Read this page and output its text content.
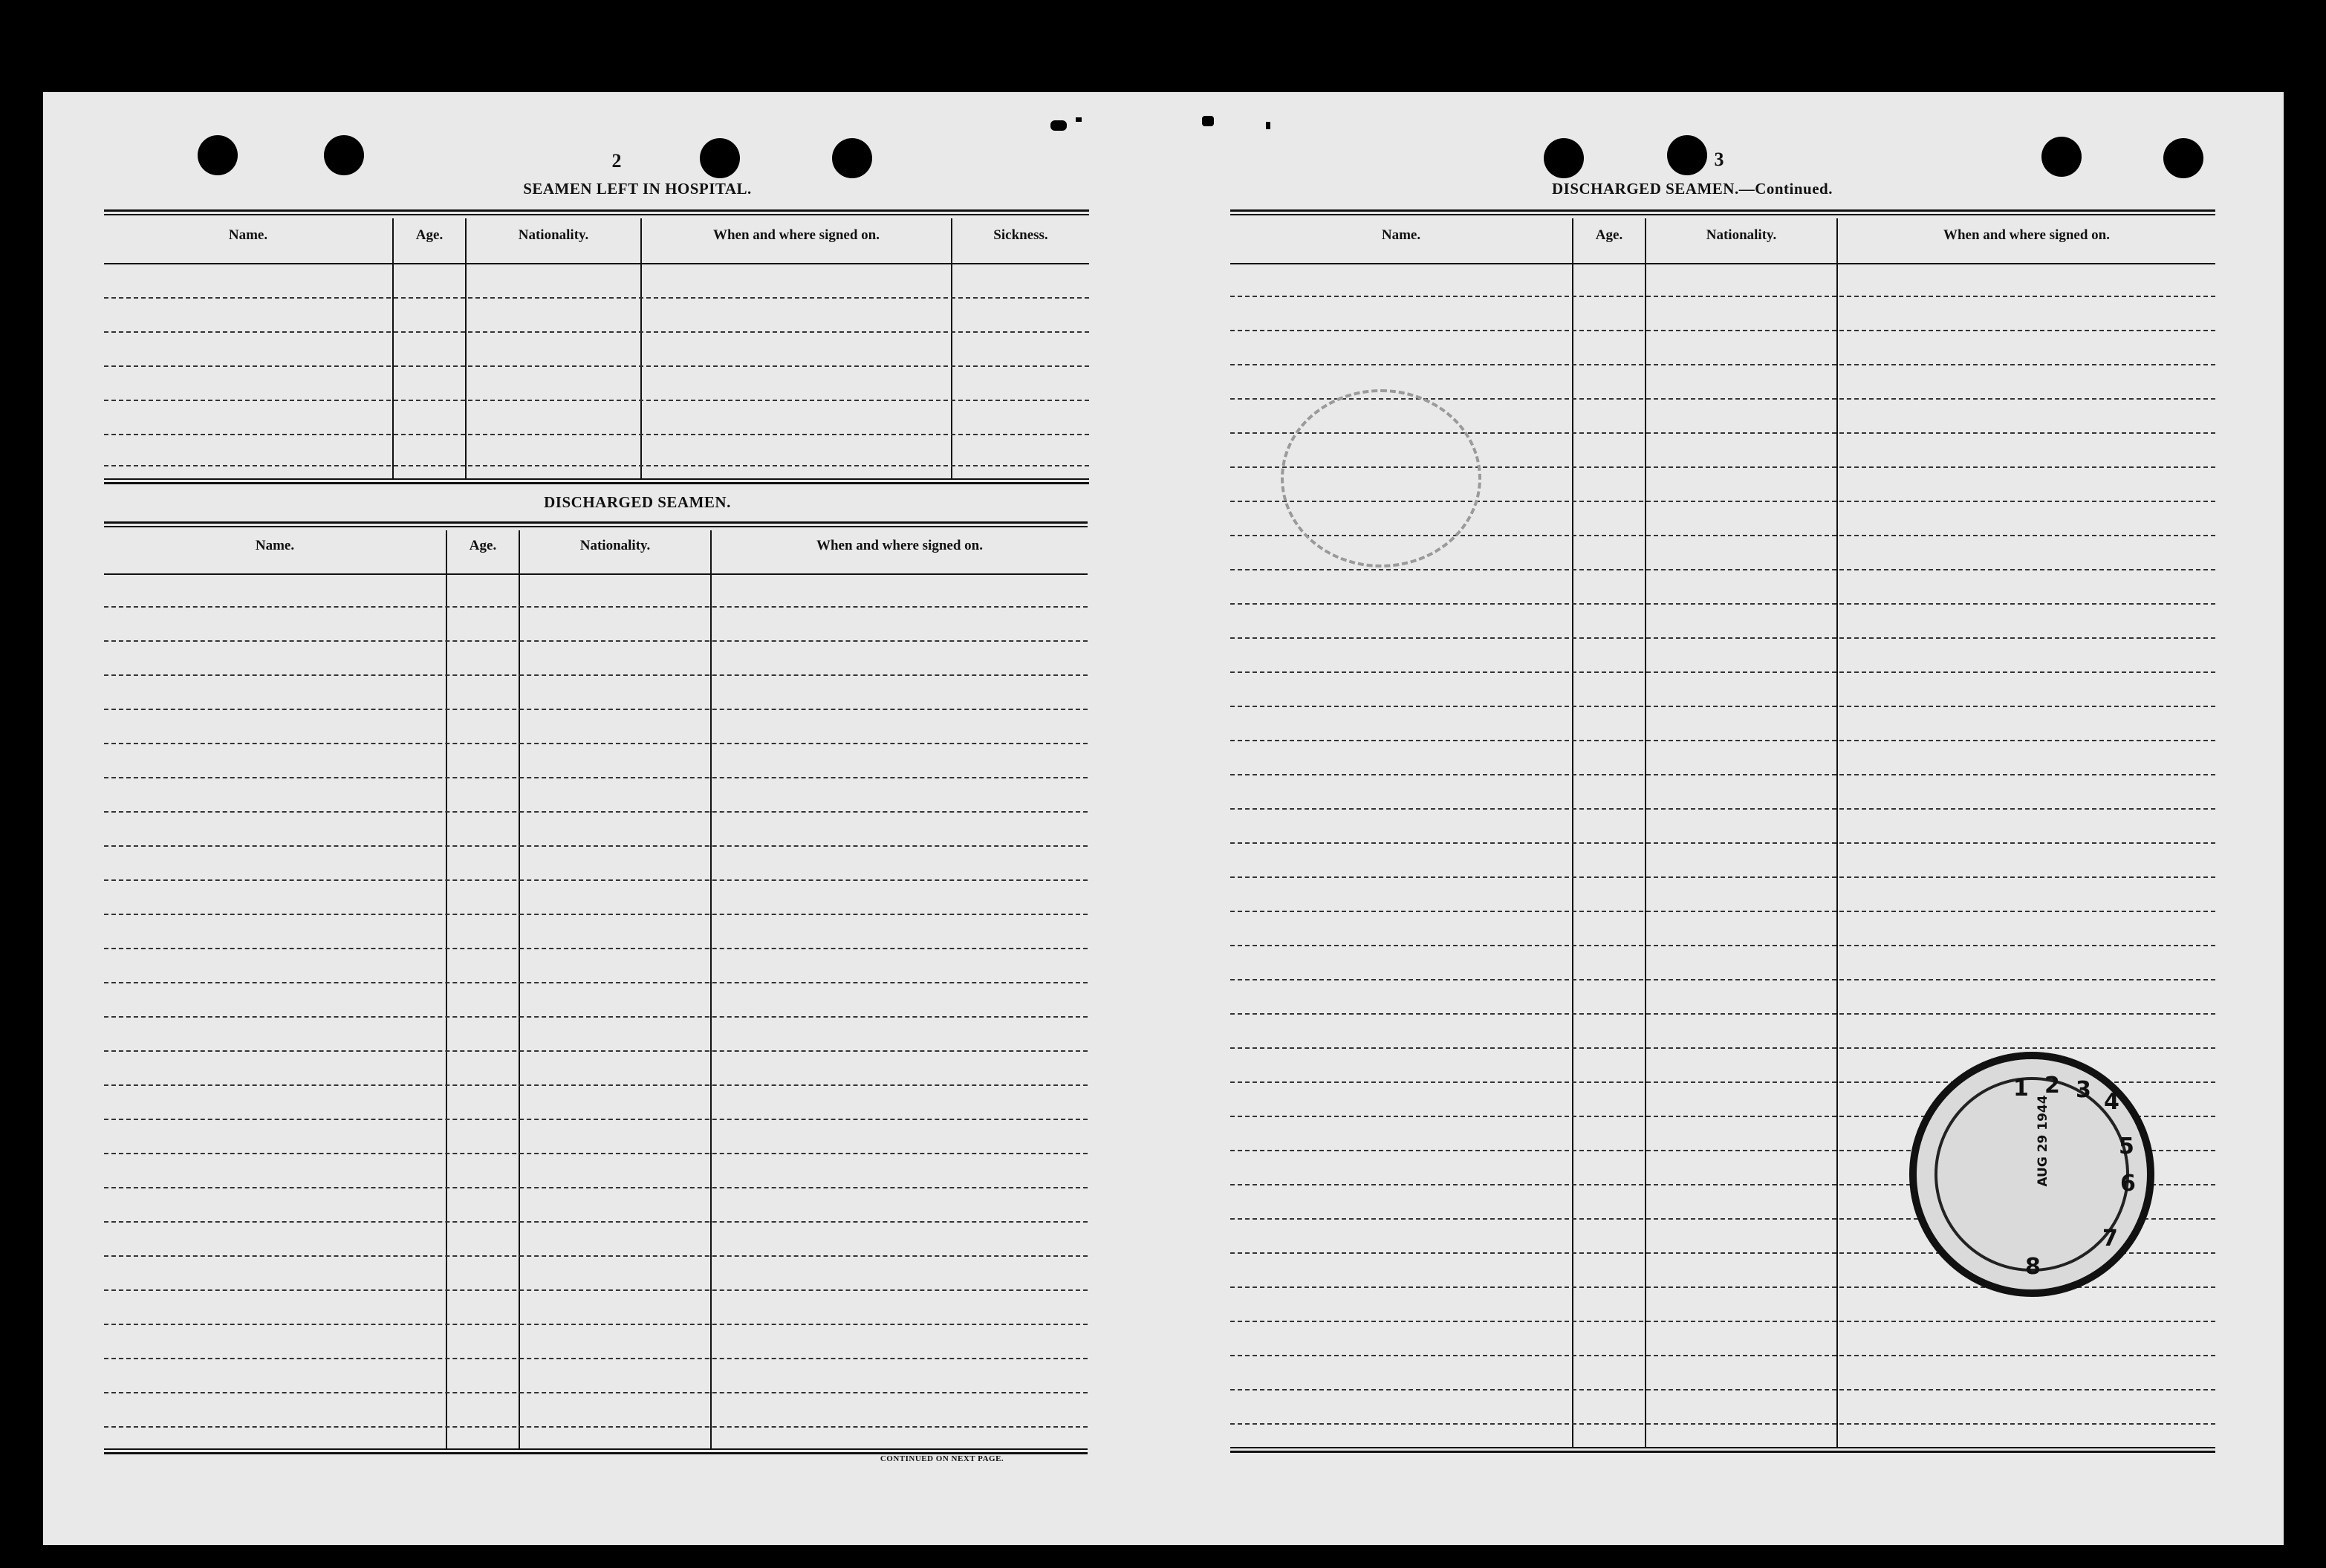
2
SEAMEN LEFT IN HOSPITAL.
Name.	Age.	Nationality.	When and where signed on.	Sickness.
DISCHARGED SEAMEN.
Name.	Age.	Nationality.	When and where signed on.
CONTINUED ON NEXT PAGE.
3
DISCHARGED SEAMEN.—Continued.
Name.	Age.	Nationality.	When and where signed on.
1 2 3 4
5
6
7
8
AUG 29 1944
